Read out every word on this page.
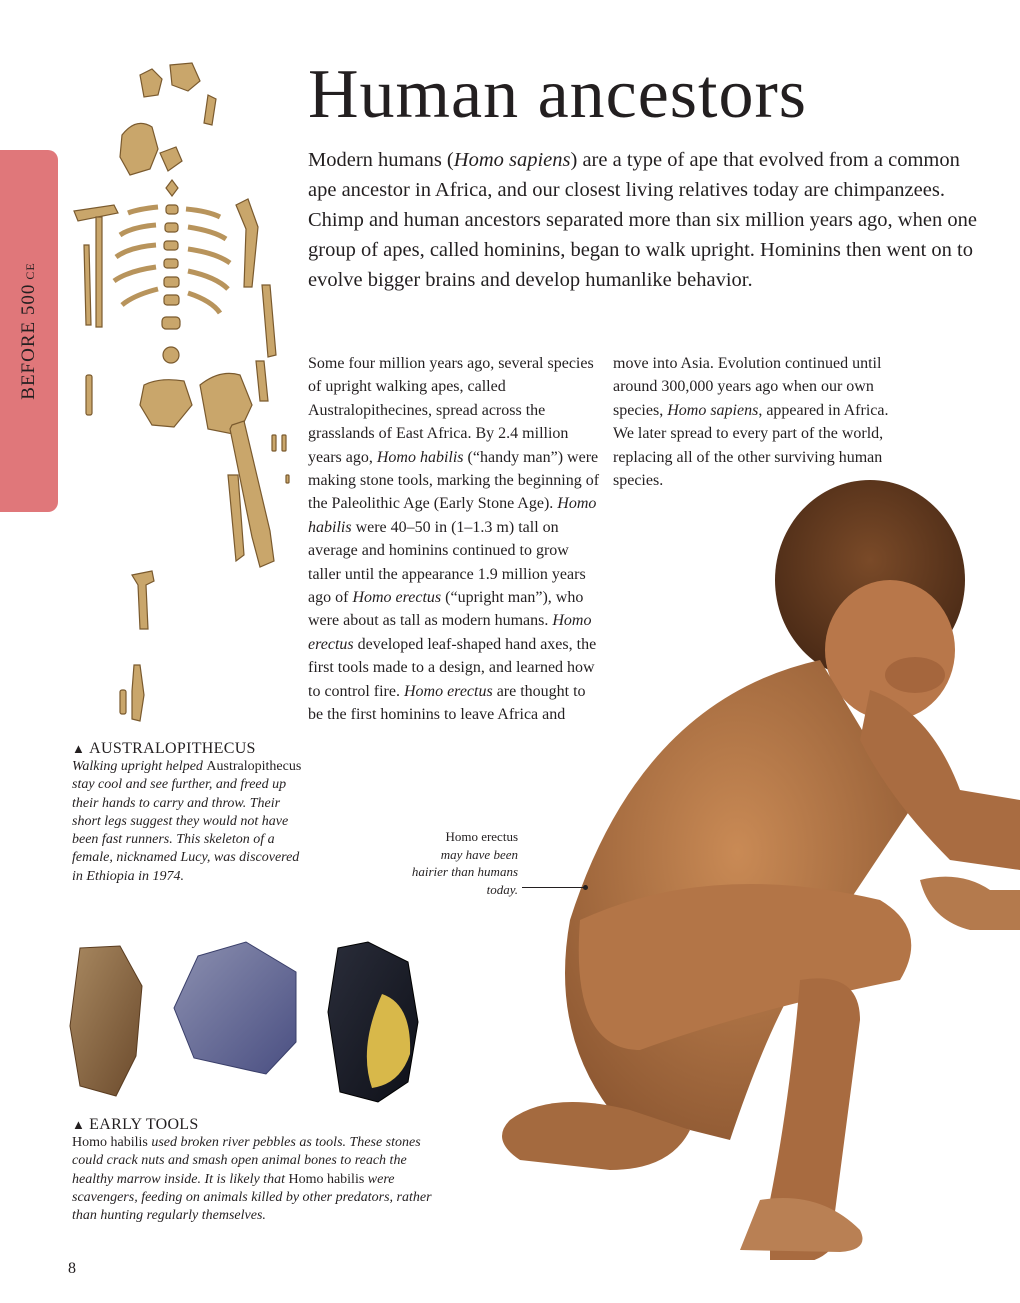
BEFORE 500CE
Human ancestors

Modern humans (Homo sapiens) are a type of ape that evolved from a common ape ancestor in Africa, and our closest living relatives today are chimpanzees. Chimp and human ancestors separated more than six million years ago, when one group of apes, called hominins, began to walk upright. Hominins then went on to evolve bigger brains and develop humanlike behavior.

Some four million years ago, several species of upright walking apes, called Australopithecines, spread across the grasslands of East Africa. By 2.4 million years ago, Homo habilis (“handy man”) were making stone tools, marking the beginning of the Paleolithic Age (Early Stone Age). Homo habilis were 40–50 in (1–1.3 m) tall on average and hominins continued to grow taller until the appearance 1.9 million years ago of Homo erectus (“upright man”), who were about as tall as modern humans. Homo erectus developed leaf-shaped hand axes, the first tools made to a design, and learned how to control fire. Homo erectus are thought to be the first hominins to leave Africa and

move into Asia. Evolution continued until around 300,000 years ago when our own species, Homo sapiens, appeared in Africa. We later spread to every part of the world, replacing all of the other surviving human species.

Homo erectus
may have been hairier than humans today.

▲ AUSTRALOPITHECUS

Walking upright helped Australopithecus stay cool and see further, and freed up their hands to carry and throw. Their short legs suggest they would not have been fast runners. This skeleton of a female, nicknamed Lucy, was discovered in Ethiopia in 1974.

▲ EARLY TOOLS

Homo habilis used broken river pebbles as tools. These stones could crack nuts and smash open animal bones to reach the healthy marrow inside. It is likely that Homo habilis were scavengers, feeding on animals killed by other predators, rather than hunting regularly themselves.

8
